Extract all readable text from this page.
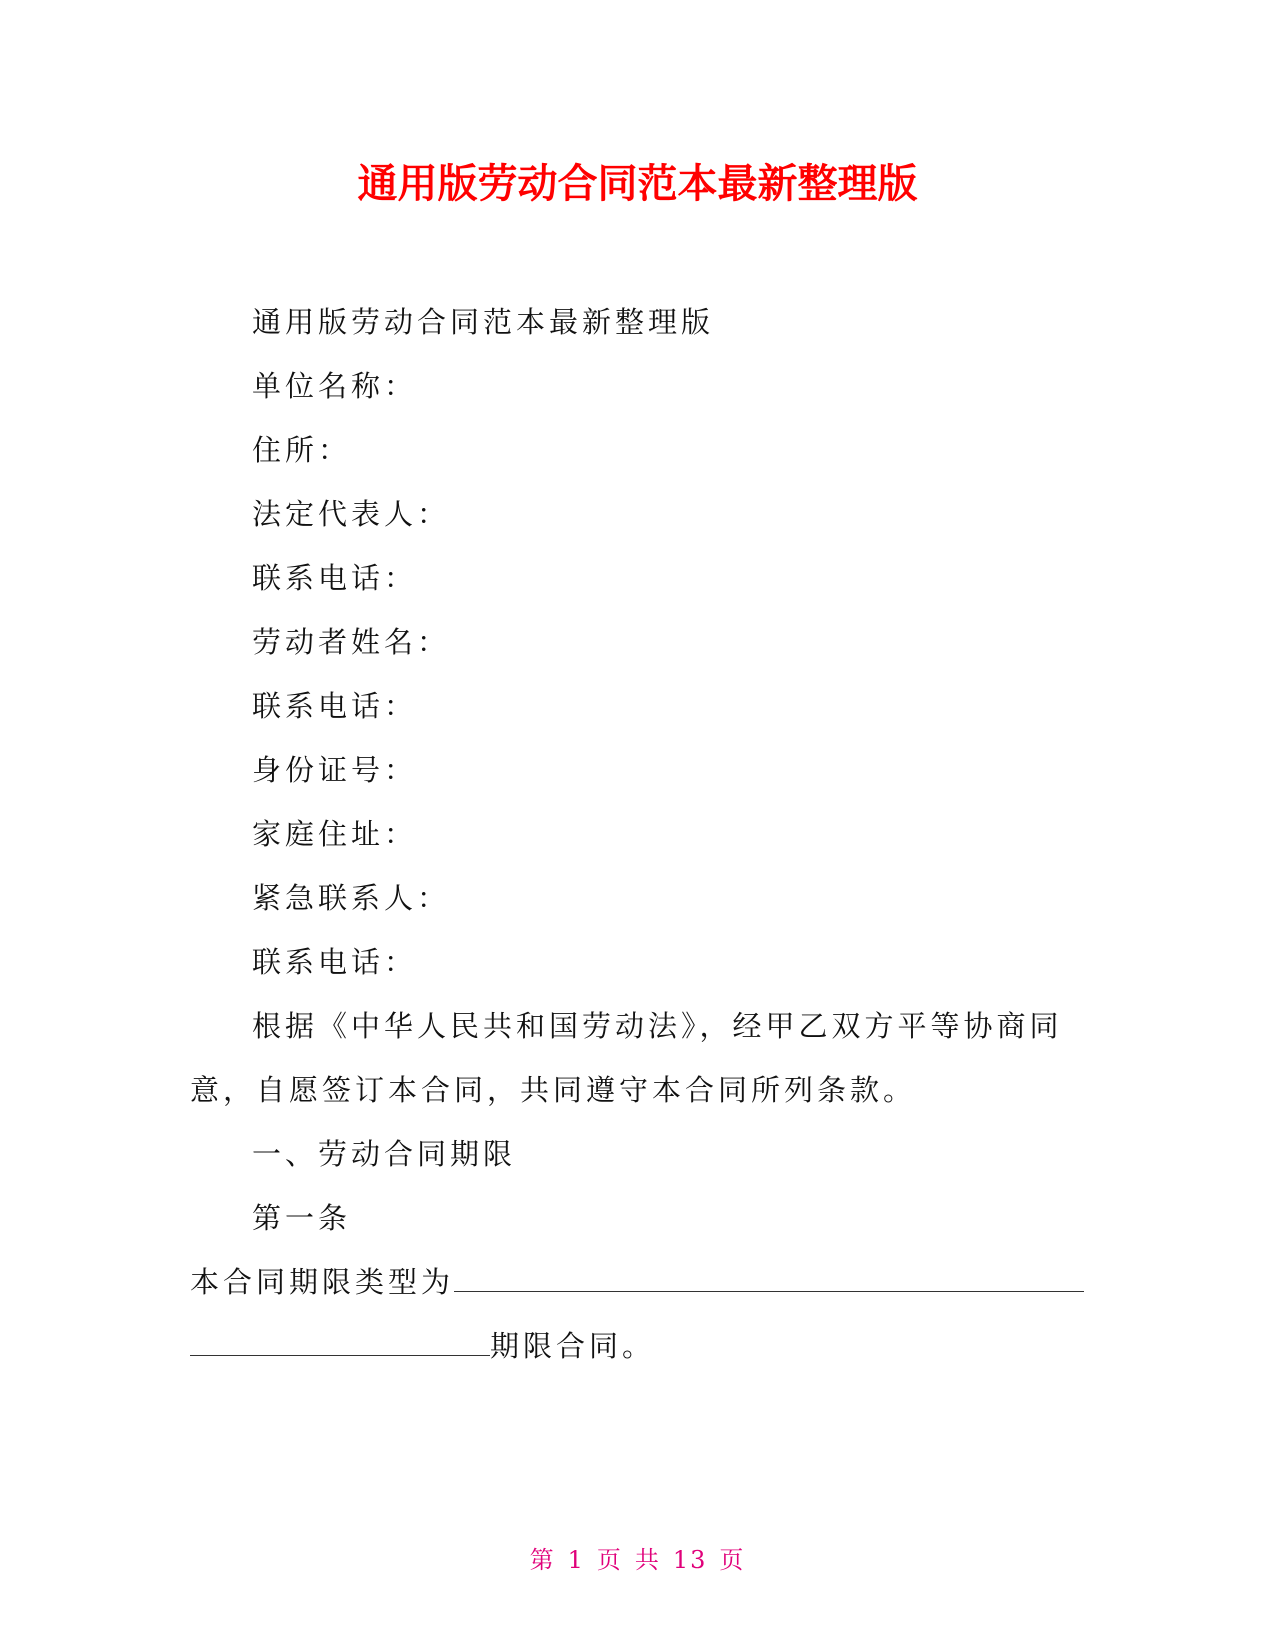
通用版劳动合同范本最新整理版

通用版劳动合同范本最新整理版

单位名称：

住所：

法定代表人：

联系电话：

劳动者姓名：

联系电话：

身份证号：

家庭住址：

紧急联系人：

联系电话：

根据《中华人民共和国劳动法》，经甲乙双方平等协商同

意，自愿签订本合同，共同遵守本合同所列条款。

一、劳动合同期限

第一条

本合同期限类型为

期限合同。

第 1 页 共 13 页
